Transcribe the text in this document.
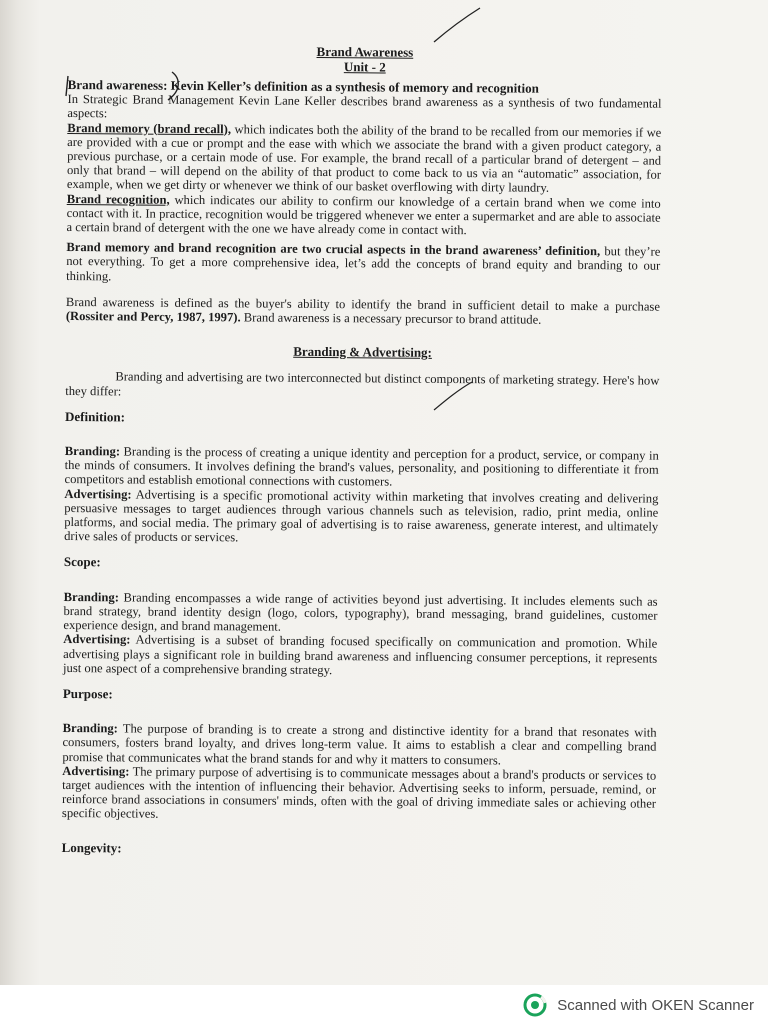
Brand Awareness

Unit - 2

Brand awareness: Kevin Keller’s definition as a synthesis of memory and recognition

In Strategic Brand Management Kevin Lane Keller describes brand awareness as a synthesis of two fundamental aspects:

Brand memory (brand recall), which indicates both the ability of the brand to be recalled from our memories if we are provided with a cue or prompt and the ease with which we associate the brand with a given product category, a previous purchase, or a certain mode of use. For example, the brand recall of a particular brand of detergent – and only that brand – will depend on the ability of that product to come back to us via an “automatic” association, for example, when we get dirty or whenever we think of our basket overflowing with dirty laundry.

Brand recognition, which indicates our ability to confirm our knowledge of a certain brand when we come into contact with it. In practice, recognition would be triggered whenever we enter a supermarket and are able to associate a certain brand of detergent with the one we have already come in contact with.

Brand memory and brand recognition are two crucial aspects in the brand awareness’ definition, but they’re not everything. To get a more comprehensive idea, let’s add the concepts of brand equity and branding to our thinking.

Brand awareness is defined as the buyer's ability to identify the brand in sufficient detail to make a purchase (Rossiter and Percy, 1987, 1997). Brand awareness is a necessary precursor to brand attitude.

Branding & Advertising:

Branding and advertising are two interconnected but distinct components of marketing strategy. Here's how they differ:

Definition:

Branding: Branding is the process of creating a unique identity and perception for a product, service, or company in the minds of consumers. It involves defining the brand's values, personality, and positioning to differentiate it from competitors and establish emotional connections with customers.

Advertising: Advertising is a specific promotional activity within marketing that involves creating and delivering persuasive messages to target audiences through various channels such as television, radio, print media, online platforms, and social media. The primary goal of advertising is to raise awareness, generate interest, and ultimately drive sales of products or services.

Scope:

Branding: Branding encompasses a wide range of activities beyond just advertising. It includes elements such as brand strategy, brand identity design (logo, colors, typography), brand messaging, brand guidelines, customer experience design, and brand management.

Advertising: Advertising is a subset of branding focused specifically on communication and promotion. While advertising plays a significant role in building brand awareness and influencing consumer perceptions, it represents just one aspect of a comprehensive branding strategy.

Purpose:

Branding: The purpose of branding is to create a strong and distinctive identity for a brand that resonates with consumers, fosters brand loyalty, and drives long-term value. It aims to establish a clear and compelling brand promise that communicates what the brand stands for and why it matters to consumers.

Advertising: The primary purpose of advertising is to communicate messages about a brand's products or services to target audiences with the intention of influencing their behavior. Advertising seeks to inform, persuade, remind, or reinforce brand associations in consumers' minds, often with the goal of driving immediate sales or achieving other specific objectives.

Longevity:

Scanned with OKEN Scanner
